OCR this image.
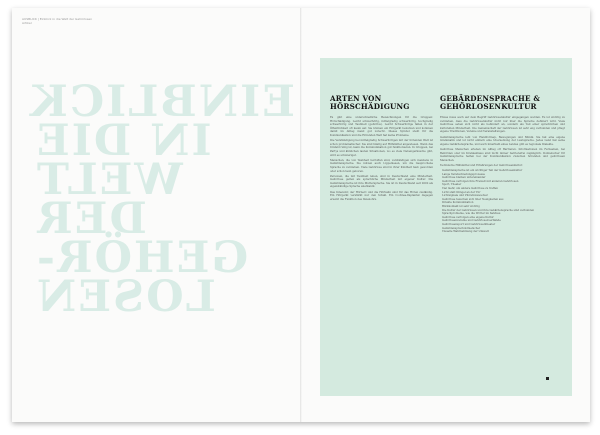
AUSBLICK | Einblick in die Welt der Gehörlosen
Artikel
EINBLICK
IN DIE
WELT
DER
GEHÖR-
LOSEN
ARTEN VON HÖRSCHÄDIGUNG
GEBÄRDENSPRACHE & GEHÖRLOSENKULTUR

Es gibt eine unterschiedliche Bezeichnungen für die Gruppen: Hörschädigung. Leicht schwerhörig, mittelgradig schwerhörig, hochgradig schwerhörig und Taubheit (gehörlos). Leicht Schwerhörige fallen in der Öffentlichkeit oft kaum auf. Sie können ein Hörgerät benutzen und kommen damit im Alltag meist gut zurecht. Dieses Symbol steht für die Kommunikation und die Hörenden Welt hat keine Probleme.

Die Verständigung bei mittelgradig Schwerhörigen mit der hörenden Welt ist schon problematischer. Sie sind häufig auf Hilfsmittel angewiesen. Wenn das Umfeld ruhig ist, kann die Kommunikation gut funktionieren. In Gruppen, bei Partys und ähnlichen lauten Situationen, wo es viele Nebengeräusche gibt, wird es schwieriger.

Menschen, die von Taubheit betroffen sind, verständigen sich meistens in Gebärdensprache. Sie nutzen auch Lippenlesen, um die Gesprochene Sprache zu verstehen. Viele Gehörlose sind in ihrer Kindheit taub geworden oder schon taub geboren.

Personen, die mit Taubheit leben, sind in Deutschland eine Minderheit. Gehörlose gelten als sprachliche Minderheit mit eigener Kultur. Die Gebärdensprache ist ihre Muttersprache. Sie ist in Deutschland seit 2002 als eigenständige Sprache anerkannt.

Das Innenohr, der Hörnerv und die Hörbahn sind für das Hören zuständig. Ein Hörgerät verstärkt nur den Schall. Ein Cochlea-Implantat dagegen ersetzt die Funktion des Innenohrs.

Etwas muss auch auf dem Begriff Gehörlosenkultur eingegangen werden. Es ist wichtig zu verstehen, dass die Gehörlosenkultur nicht nur über die Sprache definiert wird. Viele Gehörlose sehen sich nicht als behindert an, sondern als Teil einer sprachlichen und kulturellen Minderheit. Die Gemeinschaft der Gehörlosen ist sehr eng verbunden und pflegt eigene Traditionen, Vereine und Veranstaltungen.

Gebärdensprache lebt von Handformen, Bewegungen und Mimik. Sie hat eine eigene Grammatik und ist nicht einfach eine Übersetzung der Lautsprache. Jedes Land hat seine eigene Gebärdensprache, und auch innerhalb eines Landes gibt es regionale Dialekte.

Gehörlose Menschen erleben im Alltag oft Barrieren. Informationen im Fernsehen, bei Behörden oder im Krankenhaus sind nicht immer barrierefrei zugänglich. Dolmetscher für Gebärdensprache helfen bei der Kommunikation zwischen hörenden und gehörlosen Menschen.

Technische Hilfsmittel und Erfahrungen der Gehörlosenkultur:

Gebärdensprache ist ein wichtiger Teil der Gehörlosenkultur
Lange Verabschiedungsprozesse
Gehörlose bleiben untereinander
Gehörlose verfolgen ihre Freizeit mit anderen Gehörlosen
Sport, Theater
Viel mehr, um andere Gehörlose zu treffen
Licht statt Klingel an der Tür
Lichtsignale und Vibrationswecker
Gehörlose tauschen sich über Neuigkeiten aus
Direkte Kommunikation
Blickkontakt ist sehr wichtig
Die Kultur der Gehörlosen und ihre Gebärdensprache sind verbunden
Sprachprobleme, wie die Wörter im Satzbau
Gehörlose verfolgen eine eigene Kultur
Gehörlosenvereine und Gehörlosenverbände
Gehörlosensport und Gehörlosentheater
Gebärdensprachdolmetscher
Visuelle Wahrnehmung der Umwelt
